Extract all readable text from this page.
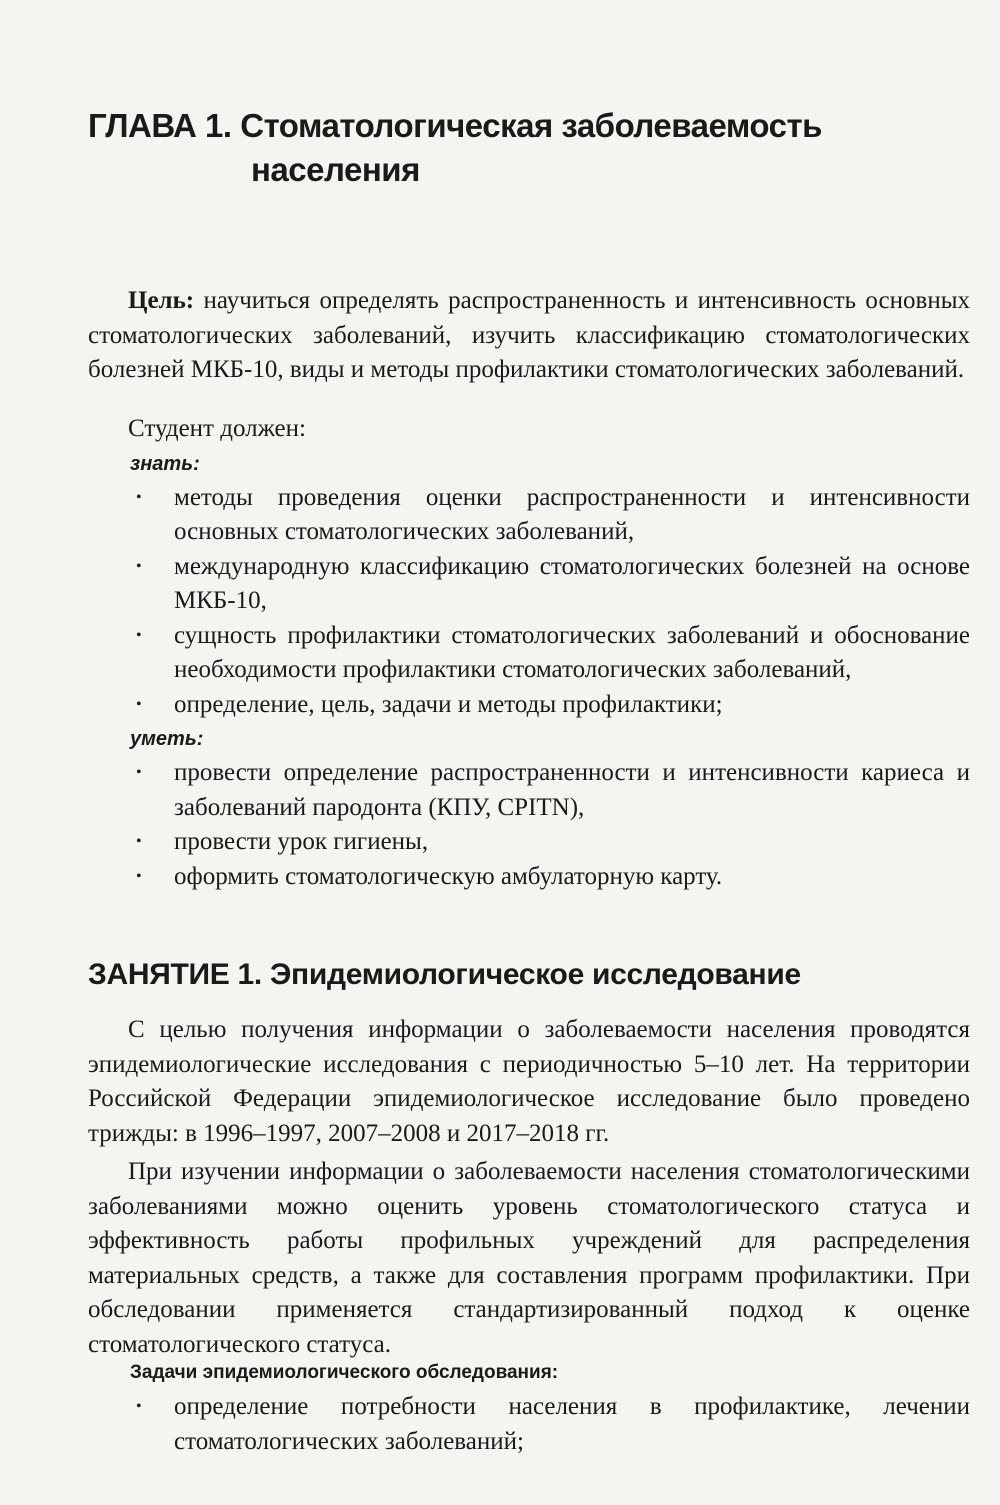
ГЛАВА 1. Стоматологическая заболеваемость
населения

Цель: научиться определять распространенность и интенсивность основных стоматологических заболеваний, изучить классификацию стоматологических болезней МКБ-10, виды и методы профилактики стоматологических заболеваний.

Студент должен:

знать:

• методы проведения оценки распространенности и интенсивности основных стоматологических заболеваний,
• международную классификацию стоматологических болезней на основе МКБ-10,
• сущность профилактики стоматологических заболеваний и обоснование необходимости профилактики стоматологических заболеваний,
• определение, цель, задачи и методы профилактики;

уметь:

• провести определение распространенности и интенсивности кариеса и заболеваний пародонта (КПУ, CPITN),
• провести урок гигиены,
• оформить стоматологическую амбулаторную карту.
ЗАНЯТИЕ 1. Эпидемиологическое исследование

С целью получения информации о заболеваемости населения проводятся эпидемиологические исследования с периодичностью 5–10 лет. На территории Российской Федерации эпидемиологическое исследование было проведено трижды: в 1996–1997, 2007–2008 и 2017–2018 гг.

При изучении информации о заболеваемости населения стоматологическими заболеваниями можно оценить уровень стоматологического статуса и эффективность работы профильных учреждений для распределения материальных средств, а также для составления программ профилактики. При обследовании применяется стандартизированный подход к оценке стоматологического статуса.

Задачи эпидемиологического обследования:

• определение потребности населения в профилактике, лечении стоматологических заболеваний;
